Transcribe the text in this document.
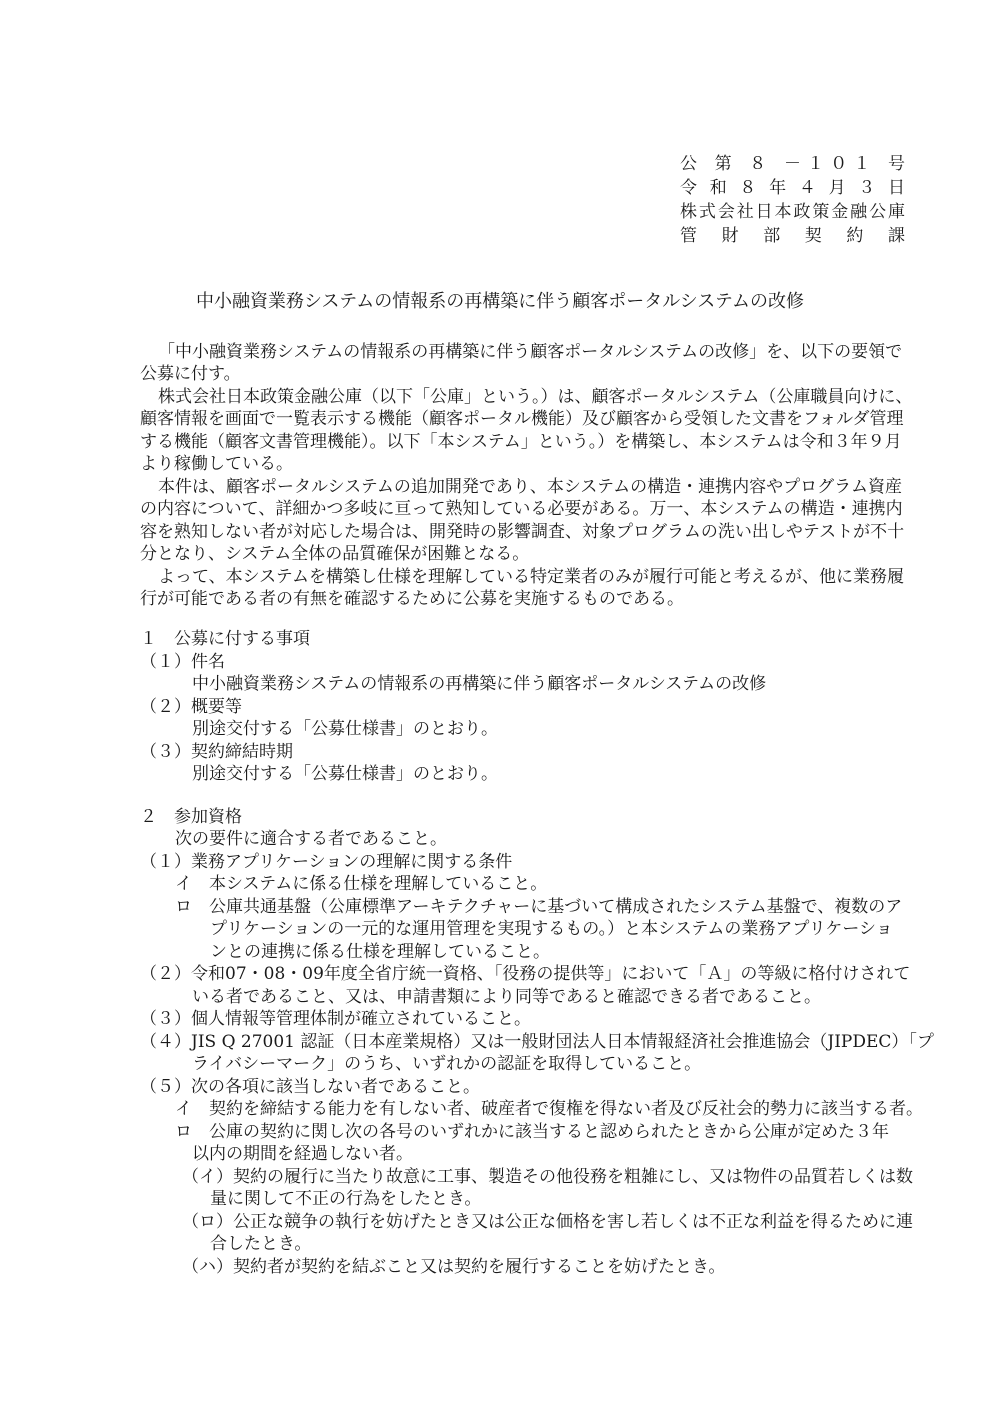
公 第 ８ －１０１ 号
令 和 ８ 年 ４ 月 ３ 日
株式会社日本政策金融公庫
管 財 部 契 約 課
中小融資業務システムの情報系の再構築に伴う顧客ポータルシステムの改修
「中小融資業務システムの情報系の再構築に伴う顧客ポータルシステムの改修」を、以下の要領で
公募に付す。
株式会社日本政策金融公庫（以下「公庫」という。）は、顧客ポータルシステム（公庫職員向けに、
顧客情報を画面で一覧表示する機能（顧客ポータル機能）及び顧客から受領した文書をフォルダ管理
する機能（顧客文書管理機能）。以下「本システム」という。）を構築し、本システムは令和３年９月
より稼働している。
本件は、顧客ポータルシステムの追加開発であり、本システムの構造・連携内容やプログラム資産
の内容について、詳細かつ多岐に亘って熟知している必要がある。万一、本システムの構造・連携内
容を熟知しない者が対応した場合は、開発時の影響調査、対象プログラムの洗い出しやテストが不十
分となり、システム全体の品質確保が困難となる。
よって、本システムを構築し仕様を理解している特定業者のみが履行可能と考えるが、他に業務履
行が可能である者の有無を確認するために公募を実施するものである。
１　公募に付する事項
（１）件名
中小融資業務システムの情報系の再構築に伴う顧客ポータルシステムの改修
（２）概要等
別途交付する「公募仕様書」のとおり。
（３）契約締結時期
別途交付する「公募仕様書」のとおり。
２　参加資格
次の要件に適合する者であること。
（１）業務アプリケーションの理解に関する条件
イ　本システムに係る仕様を理解していること。
ロ　公庫共通基盤（公庫標準アーキテクチャーに基づいて構成されたシステム基盤で、複数のア
プリケーションの一元的な運用管理を実現するもの。）と本システムの業務アプリケーショ
ンとの連携に係る仕様を理解していること。
（２）令和07・08・09年度全省庁統一資格、「役務の提供等」において「Ａ」の等級に格付けされて
いる者であること、又は、申請書類により同等であると確認できる者であること。
（３）個人情報等管理体制が確立されていること。
（４）JIS Q 27001 認証（日本産業規格）又は一般財団法人日本情報経済社会推進協会（JIPDEC）「プ
ライバシーマーク」のうち、いずれかの認証を取得していること。
（５）次の各項に該当しない者であること。
イ　契約を締結する能力を有しない者、破産者で復権を得ない者及び反社会的勢力に該当する者。
ロ　公庫の契約に関し次の各号のいずれかに該当すると認められたときから公庫が定めた３年
以内の期間を経過しない者。
（イ）契約の履行に当たり故意に工事、製造その他役務を粗雑にし、又は物件の品質若しくは数
量に関して不正の行為をしたとき。
（ロ）公正な競争の執行を妨げたとき又は公正な価格を害し若しくは不正な利益を得るために連
合したとき。
（ハ）契約者が契約を結ぶこと又は契約を履行することを妨げたとき。
